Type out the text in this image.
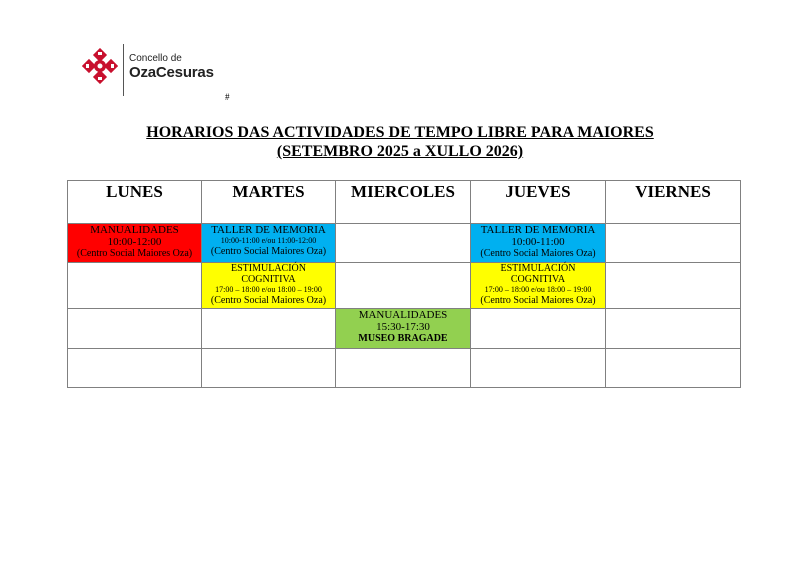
Concello de
OzaCesuras
#
HORARIOS DAS ACTIVIDADES DE TEMPO LIBRE PARA MAIORES
(SETEMBRO 2025 a XULLO 2026)
LUNES	MARTES	MIERCOLES	JUEVES	VIERNES

MANUALIDADES
10:00-12:00
(Centro Social Maiores Oza)	TALLER DE MEMORIA
10:00-11:00 e/ou 11:00-12:00
(Centro Social Maiores Oza)		TALLER DE MEMORIA
10:00-11:00
(Centro Social Maiores Oza)	

	ESTIMULACIÓN
COGNITIVA
17:00 – 18:00 e/ou 18:00 – 19:00
(Centro Social Maiores Oza)		ESTIMULACIÓN
COGNITIVA
17:00 – 18:00 e/ou 18:00 – 19:00
(Centro Social Maiores Oza)	

		MANUALIDADES
15:30-17:30
MUSEO BRAGADE		
